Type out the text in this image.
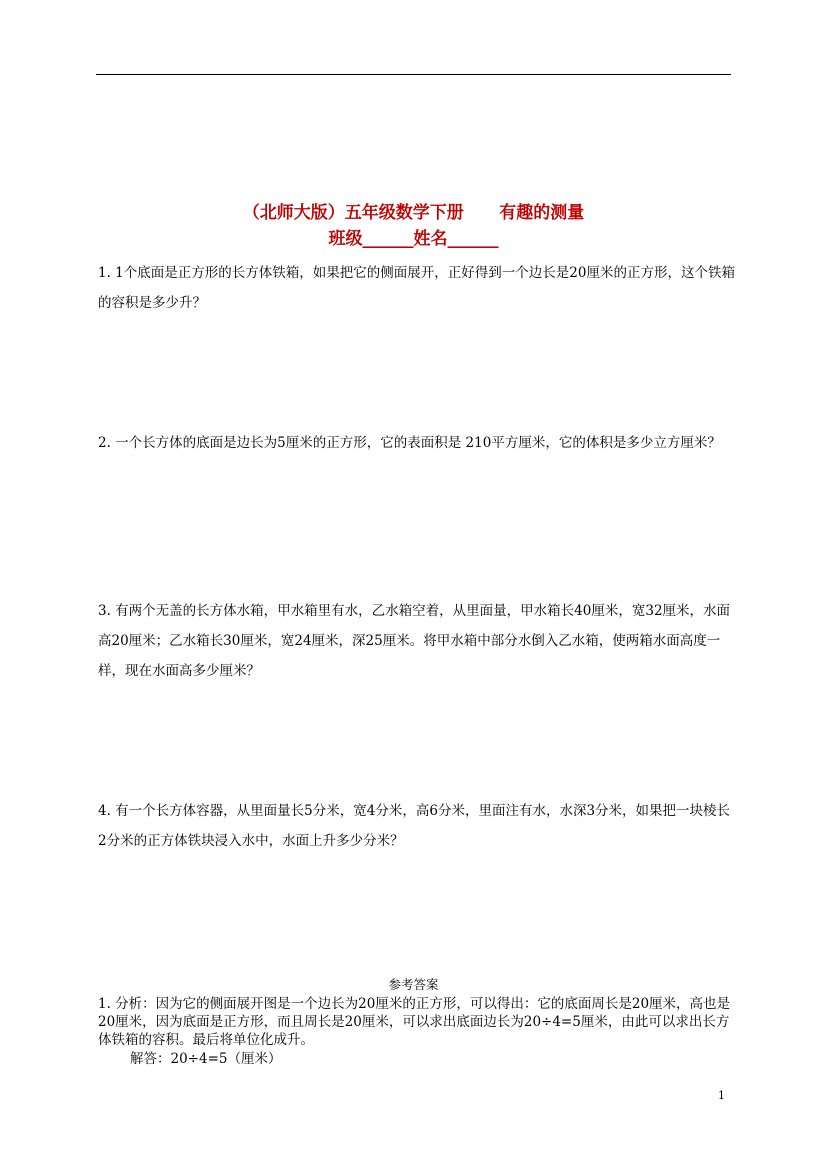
（北师大版）五年级数学下册      有趣的测量
班级______姓名______
1. 1个底面是正方形的长方体铁箱，如果把它的侧面展开，正好得到一个边长是20厘米的正方形，这个铁箱的容积是多少升？
2. 一个长方体的底面是边长为5厘米的正方形，它的表面积是 210平方厘米，它的体积是多少立方厘米？
3. 有两个无盖的长方体水箱，甲水箱里有水，乙水箱空着，从里面量，甲水箱长40厘米，宽32厘米，水面高20厘米；乙水箱长30厘米，宽24厘米，深25厘米。将甲水箱中部分水倒入乙水箱，使两箱水面高度一样，现在水面高多少厘米？
4. 有一个长方体容器，从里面量长5分米，宽4分米，高6分米，里面注有水，水深3分米，如果把一块棱长2分米的正方体铁块浸入水中，水面上升多少分米？
参考答案
1. 分析：因为它的侧面展开图是一个边长为20厘米的正方形，可以得出：它的底面周长是20厘米，高也是20厘米，因为底面是正方形，而且周长是20厘米，可以求出底面边长为20÷4=5厘米，由此可以求出长方体铁箱的容积。最后将单位化成升。
解答：20÷4=5（厘米）
1
